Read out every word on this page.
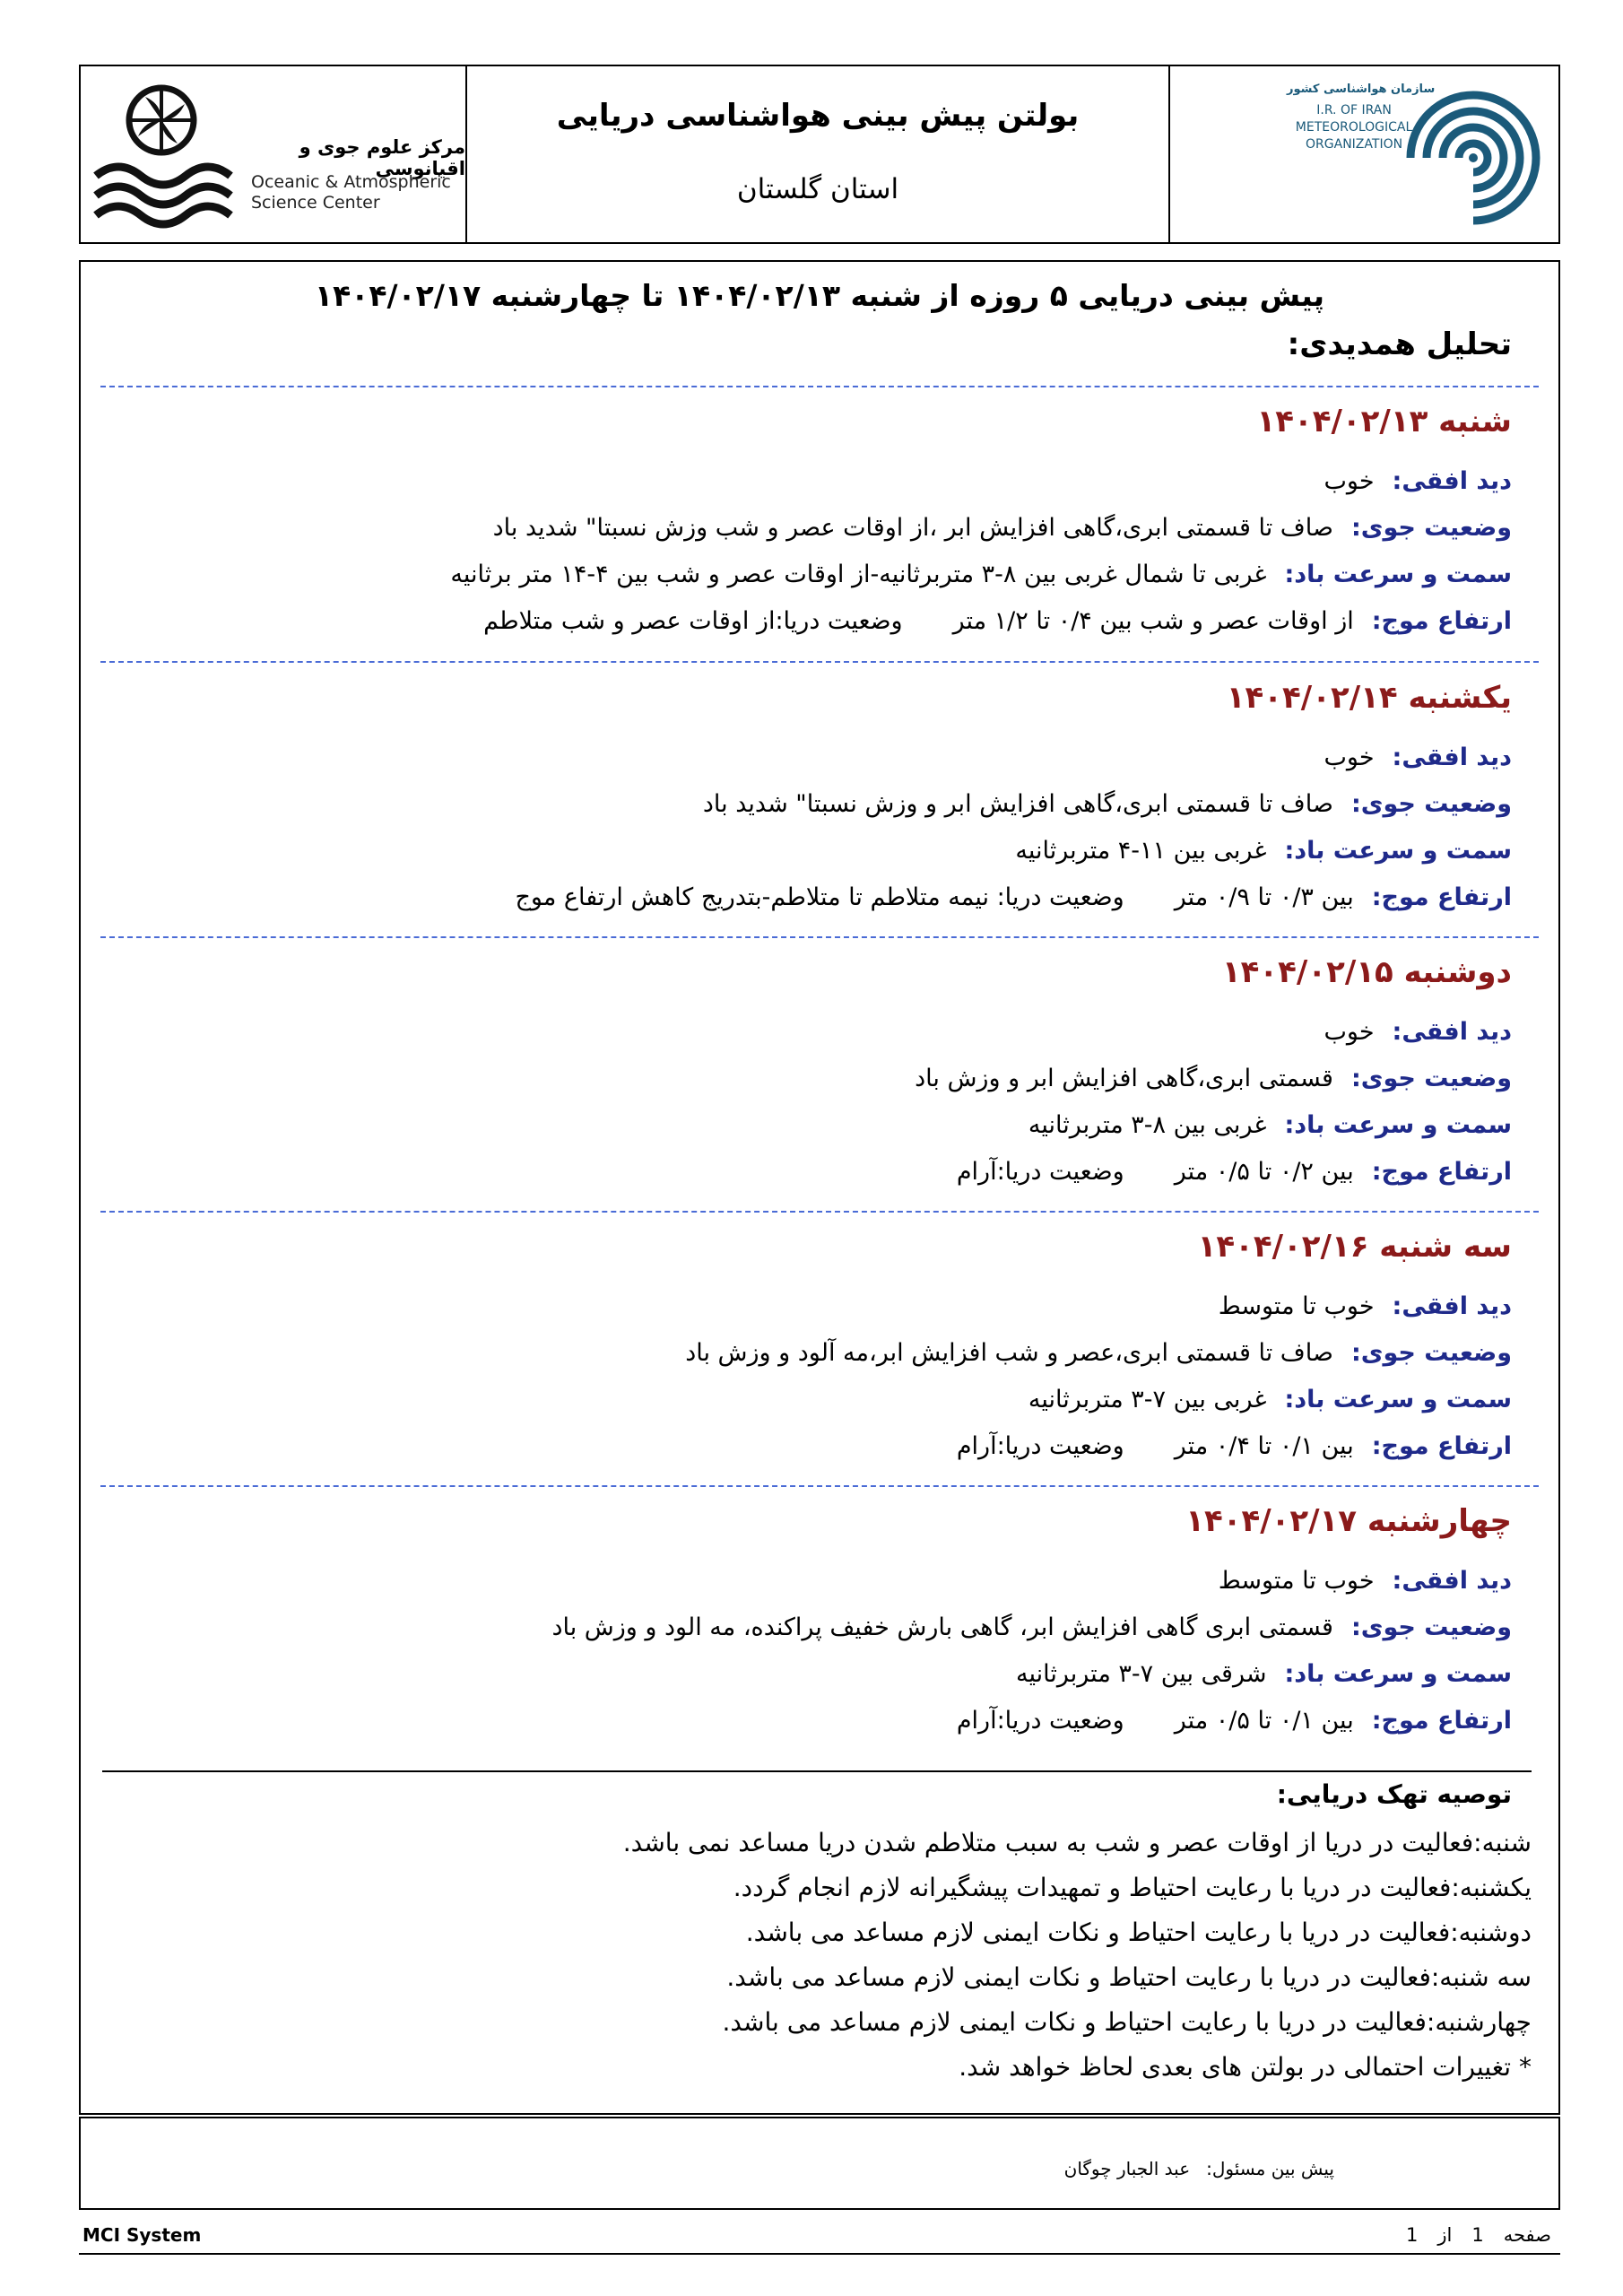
مرکز علوم جوی و اقیانوسی
Oceanic & Atmospheric
Science Center
بولتن پیش بینی هواشناسی دریایی
استان گلستان
سازمان هواشناسی کشور
I.R. OF IRAN
METEOROLOGICAL
ORGANIZATION
پیش بینی دریایی ۵ روزه از شنبه ۱۴۰۴/۰۲/۱۳ تا چهارشنبه ۱۴۰۴/۰۲/۱۷
تحلیل همدیدی:
شنبه ۱۴۰۴/۰۲/۱۳
دید افقی:
خوب
وضعیت جوی:
صاف تا قسمتی ابری،گاهی افزایش ابر ،از اوقات عصر و شب وزش نسبتا" شدید باد
سمت و سرعت باد:
غربی تا شمال غربی بین ۸-۳ متربرثانیه-از اوقات عصر و شب بین ۴-۱۴ متر برثانیه
ارتفاع موج:
از اوقات عصر و شب بین ۰/۴ تا ۱/۲ متر
وضعیت دریا:از اوقات عصر و شب متلاطم
یکشنبه ۱۴۰۴/۰۲/۱۴
دید افقی:
خوب
وضعیت جوی:
صاف تا قسمتی ابری،گاهی افزایش ابر و وزش نسبتا" شدید باد
سمت و سرعت باد:
غربی بین ۱۱-۴ متربرثانیه
ارتفاع موج:
بین ۰/۳ تا ۰/۹ متر
وضعیت دریا: نیمه متلاطم تا متلاطم-بتدریج کاهش ارتفاع موج
دوشنبه ۱۴۰۴/۰۲/۱۵
دید افقی:
خوب
وضعیت جوی:
قسمتی ابری،گاهی افزایش ابر و وزش باد
سمت و سرعت باد:
غربی بین ۸-۳ متربرثانیه
ارتفاع موج:
بین ۰/۲ تا ۰/۵ متر
وضعیت دریا:آرام
سه شنبه ۱۴۰۴/۰۲/۱۶
دید افقی:
خوب تا متوسط
وضعیت جوی:
صاف تا قسمتی ابری،عصر و شب افزایش ابر،مه آلود و وزش باد
سمت و سرعت باد:
غربی بین ۷-۳ متربرثانیه
ارتفاع موج:
بین ۰/۱ تا ۰/۴ متر
وضعیت دریا:آرام
چهارشنبه ۱۴۰۴/۰۲/۱۷
دید افقی:
خوب تا متوسط
وضعیت جوی:
قسمتی ابری گاهی افزایش ابر، گاهی بارش خفیف پراکنده، مه الود و وزش باد
سمت و سرعت باد:
شرقی بین ۷-۳ متربرثانیه
ارتفاع موج:
بین ۰/۱ تا ۰/۵ متر
وضعیت دریا:آرام
توصیه تهک دریایی:
شنبه:فعالیت در دریا از اوقات عصر و شب به سبب متلاطم شدن دریا مساعد نمی باشد.
یکشنبه:فعالیت در دریا با رعایت احتیاط و تمهیدات پیشگیرانه لازم انجام گردد.
دوشنبه:فعالیت در دریا با رعایت احتیاط و نکات ایمنی لازم مساعد می باشد.
سه شنبه:فعالیت در دریا با رعایت احتیاط و نکات ایمنی لازم مساعد می باشد.
چهارشنبه:فعالیت در دریا با رعایت احتیاط و نکات ایمنی لازم مساعد می باشد.
* تغییرات احتمالی در بولتن های بعدی لحاظ خواهد شد.
پیش بین مسئول:عبد الجبار چوگان
MCI System	صفحه1از1
